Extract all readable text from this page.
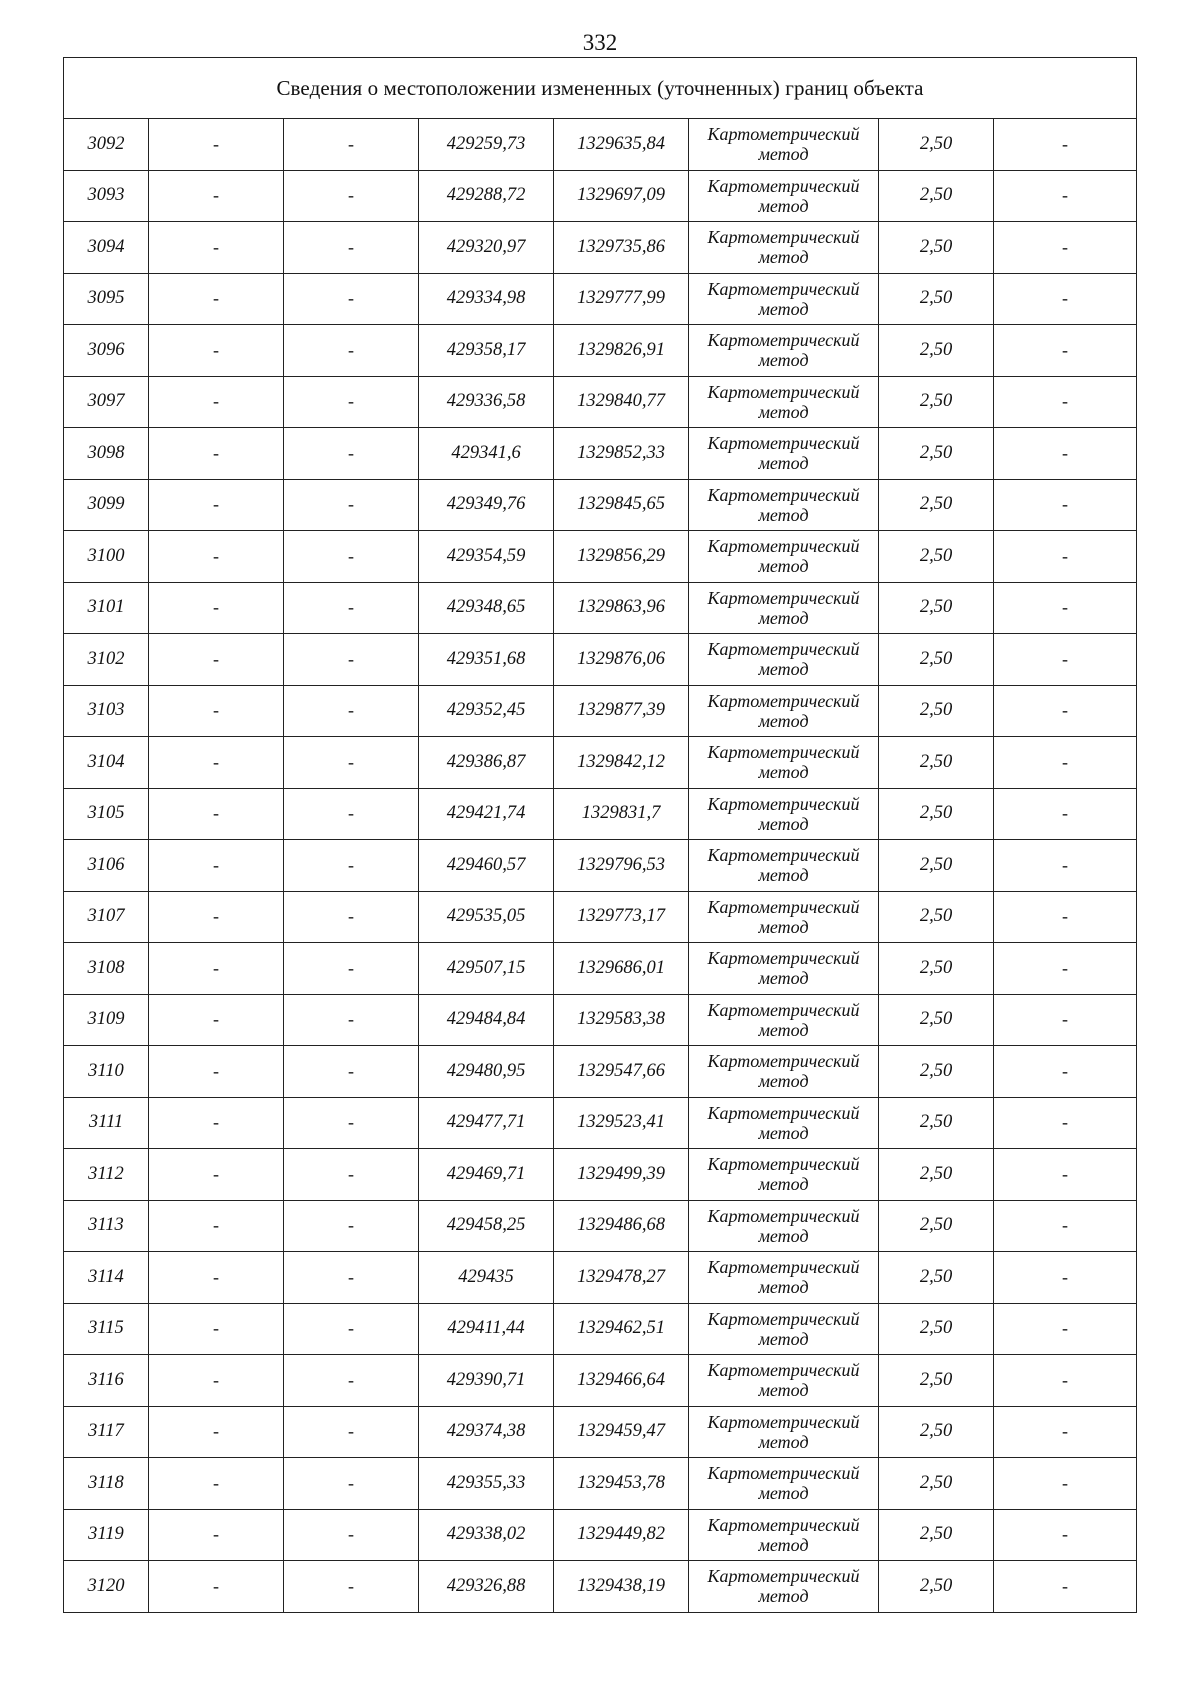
332
Сведения о местоположении измененных (уточненных) границ объекта							
3092	-	-	429259,73	1329635,84	Картометрический
метод	2,50	-
3093	-	-	429288,72	1329697,09	Картометрический
метод	2,50	-
3094	-	-	429320,97	1329735,86	Картометрический
метод	2,50	-
3095	-	-	429334,98	1329777,99	Картометрический
метод	2,50	-
3096	-	-	429358,17	1329826,91	Картометрический
метод	2,50	-
3097	-	-	429336,58	1329840,77	Картометрический
метод	2,50	-
3098	-	-	429341,6	1329852,33	Картометрический
метод	2,50	-
3099	-	-	429349,76	1329845,65	Картометрический
метод	2,50	-
3100	-	-	429354,59	1329856,29	Картометрический
метод	2,50	-
3101	-	-	429348,65	1329863,96	Картометрический
метод	2,50	-
3102	-	-	429351,68	1329876,06	Картометрический
метод	2,50	-
3103	-	-	429352,45	1329877,39	Картометрический
метод	2,50	-
3104	-	-	429386,87	1329842,12	Картометрический
метод	2,50	-
3105	-	-	429421,74	1329831,7	Картометрический
метод	2,50	-
3106	-	-	429460,57	1329796,53	Картометрический
метод	2,50	-
3107	-	-	429535,05	1329773,17	Картометрический
метод	2,50	-
3108	-	-	429507,15	1329686,01	Картометрический
метод	2,50	-
3109	-	-	429484,84	1329583,38	Картометрический
метод	2,50	-
3110	-	-	429480,95	1329547,66	Картометрический
метод	2,50	-
3111	-	-	429477,71	1329523,41	Картометрический
метод	2,50	-
3112	-	-	429469,71	1329499,39	Картометрический
метод	2,50	-
3113	-	-	429458,25	1329486,68	Картометрический
метод	2,50	-
3114	-	-	429435	1329478,27	Картометрический
метод	2,50	-
3115	-	-	429411,44	1329462,51	Картометрический
метод	2,50	-
3116	-	-	429390,71	1329466,64	Картометрический
метод	2,50	-
3117	-	-	429374,38	1329459,47	Картометрический
метод	2,50	-
3118	-	-	429355,33	1329453,78	Картометрический
метод	2,50	-
3119	-	-	429338,02	1329449,82	Картометрический
метод	2,50	-
3120	-	-	429326,88	1329438,19	Картометрический
метод	2,50	-
